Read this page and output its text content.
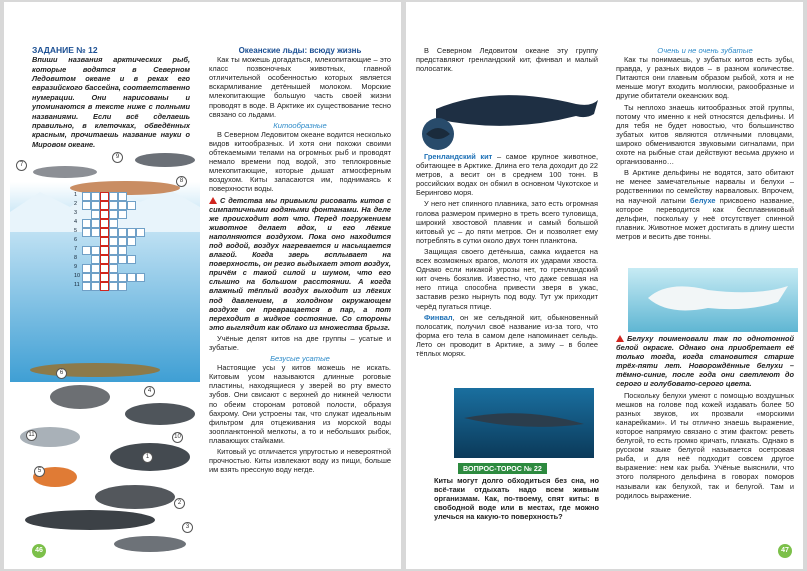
ЗАДАНИЕ № 12
Впиши названия арктических рыб, которые водятся в Северном Ледовитом океане и в реках его евразийского бассейна, соответственно нумерации. Они нарисованы и упоминаются в тексте ниже с полными названиями. Если всё сделаешь правильно, в клеточках, обведённых красным, прочитаешь название науки о Мировом океане.
1
2
3
4
5
6
7
8
9
10
11
9
8
7
6
5
4
3
2
1
10
11
46
Океанские льды: всюду жизнь

Как ты можешь догадаться, млекопитающие – это класс позвоночных животных, главной отличительной особенностью которых является вскармливание детёнышей молоком. Морские млекопитающие большую часть своей жизни проводят в воде. В Арктике их существование тесно связано со льдами.

Китообразные

В Северном Ледовитом океане водится несколько видов китообразных. И хотя они похожи своими обтекаемыми телами на огромных рыб и проводят немало времени под водой, это теплокровные млекопитающие, которые дышат атмосферным воздухом. Киты запасаются им, поднимаясь к поверхности воды.

С детства мы привыкли рисовать китов с симпатичными водяными фонтанами. На деле же происходит вот что. Перед погружением животное делает вдох, и его лёгкие наполняются воздухом. Пока оно находится под водой, воздух нагревается и насыщается влагой. Когда зверь всплывает на поверхность, он резко выдыхает этот воздух, причём с такой силой и шумом, что его слышно на большом расстоянии. А когда влажный тёплый воздух выходит из лёгких под давлением, в холодном окружающем воздухе он превращается в пар, а пот переходит в жидкое состояние. Со стороны это выглядит как облако из множества брызг.

Учёные делят китов на две группы – усатые и зубатые.

Безусые усатые

Настоящие усы у китов можешь не искать. Китовым усом называются длинные роговые пластины, находящиеся у зверей во рту вместо зубов. Они свисают с верхней до нижней челюсти по обеим сторонам ротовой полости, образуя бахрому. Они устроены так, что служат идеальным фильтром для отцеживания из морской воды зоопланктонной мелкоты, а то и небольших рыбок, плавающих стайками.

Китовый ус отличается упругостью и невероятной прочностью. Киты извлекают воду из пищи, больше им взять прессную воду негде.

В Северном Ледовитом океане эту группу представляют гренландский кит, финвал и малый полосатик.

Гренландский кит – самое крупное животное, обитающее в Арктике. Длина его тела доходит до 22 метров, а весит он в среднем 100 тонн. В российских водах он обжил в основном Чукотское и Берингово моря.

У него нет спинного плавника, зато есть огромная голова размером примерно в треть всего туловища, широкий хвостовой плавник и самый большой китовый ус – до пяти метров. Он и позволяет ему потреблять в сутки около двух тонн планктона.

Защищая своего детёныша, самка кидается на всех возможных врагов, молотя их ударами хвоста. Однако если никакой угрозы нет, то гренландский кит очень боязлив. Известно, что даже севшая на него птица способна привести зверя в ужас, заставив резко нырнуть под воду. Тут уж приходит черёд пугаться птице.

Финвал, он же сельдяной кит, обыкновенный полосатик, получил своё название из-за того, что форма его тела в самом деле напоминает сельдь. Лето он проводит в Арктике, а зиму – в более тёплых морях.

ВОПРОС-ТОРОС № 22
Киты могут долго обходиться без сна, но всё-таки отдыхать надо всем живым организмам. Как, по-твоему, спят киты: в свободной воде или в местах, где можно улечься на какую-то поверхность?
Очень и не очень зубатые

Как ты понимаешь, у зубатых китов есть зубы, правда, у разных видов – в разном количестве. Питаются они главным образом рыбой, хотя и не меньше могут входить моллюски, ракообразные и другие обитатели океанских вод.

Ты неплохо знаешь китообразных этой группы, потому что именно к ней относятся дельфины. И для тебя не будет новостью, что большинство зубатых китов являются отличными пловцами, широко обмениваются звуковыми сигналами, при охоте на рыбные стаи действуют весьма дружно и организованно…

В Арктике дельфины не водятся, зато обитают не менее замечательные нарвалы и белухи – родственники по семейству нарваловых. Впрочем, на научной латыни белухе присвоено название, которое переводится как бесплавниковый дельфин, поскольку у неё отсутствует спинной плавник. Животное может достигать в длину шести метров и весить две тонны.

Белуху поименовали так по однотонной белой окраске. Однако она приобретает её только тогда, когда становится старше трёх-пяти лет. Новорождённые белухи – тёмно-синие, после года они светлеют до серого и голубовато-серого цвета.

Поскольку белухи умеют с помощью воздушных мешков на голове под кожей издавать более 50 разных звуков, их прозвали «морскими канарейками». И ты отлично знаешь выражение, которое напрямую связано с этим фактом: реветь белугой, то есть громко кричать, плакать. Однако в русском языке белугой называется осетровая рыба, и для неё подходит совсем другое выражение: нем как рыба. Учёные выяснили, что этого полярного дельфина в говорах поморов называли как белухой, так и белугой. Там и родилось выражение.

47
